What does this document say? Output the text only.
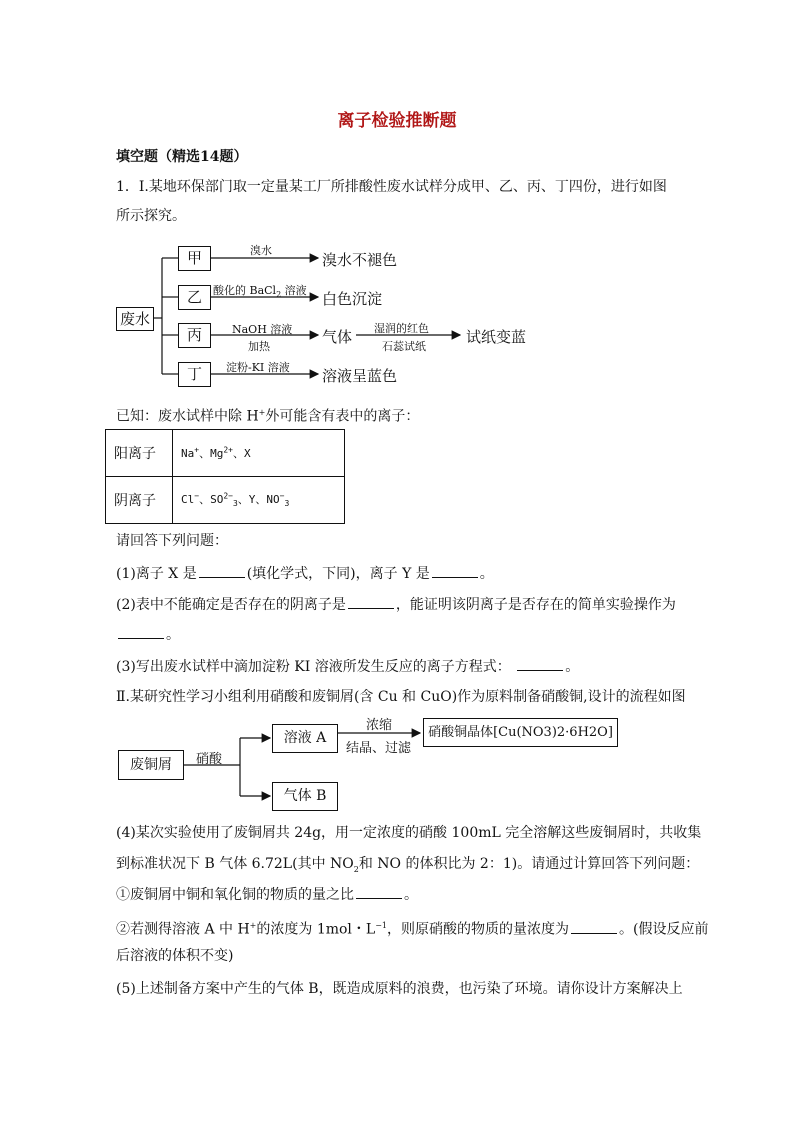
离子检验推断题
填空题（精选14题）
1．Ⅰ.某地环保部门取一定量某工厂所排酸性废水试样分成甲、乙、丙、丁四份，进行如图
所示探究。
废水
甲
乙
丙
丁
溴水
酸化的 BaCl$_2$ 溶液
NaOH 溶液
加热
湿润的红色
石蕊试纸
淀粉-KI 溶液
溴水不褪色
白色沉淀
气体	试纸变蓝
溶液呈蓝色
已知：废水试样中除 H+外可能含有表中的离子：
阳离子	Na+、$Mg^{2+}$、X
阴离子	Cl−、$SO^{2-}_3$、Y、$NO^-_3$
请回答下列问题：
(1)离子 X 是	(填化学式，下同)，离子 Y 是	。
(2)表中不能确定是否存在的阴离子是	，能证明该阴离子是否存在的简单实验操作为
。
(3)写出废水试样中滴加淀粉 KI 溶液所发生反应的离子方程式：	。
Ⅱ.某研究性学习小组利用硝酸和废铜屑(含 Cu 和 CuO)作为原料制备硝酸铜,设计的流程如图
废铜屑	硝酸
溶液 A
气体 B
浓缩
结晶、过滤
硝酸铜晶体[Cu(NO3)2·6H2O]
(4)某次实验使用了废铜屑共 24g，用一定浓度的硝酸 100mL 完全溶解这些废铜屑时，共收集
到标准状况下 B 气体 6.72L(其中 $NO_2$和 NO 的体积比为 2：1)。请通过计算回答下列问题：
①废铜屑中铜和氧化铜的物质的量之比	。
②若测得溶液 A 中 H+的浓度为 1mol・$L^{-1}$，则原硝酸的物质的量浓度为	。(假设反应前
后溶液的体积不变)
(5)上述制备方案中产生的气体 B，既造成原料的浪费，也污染了环境。请你设计方案解决上
